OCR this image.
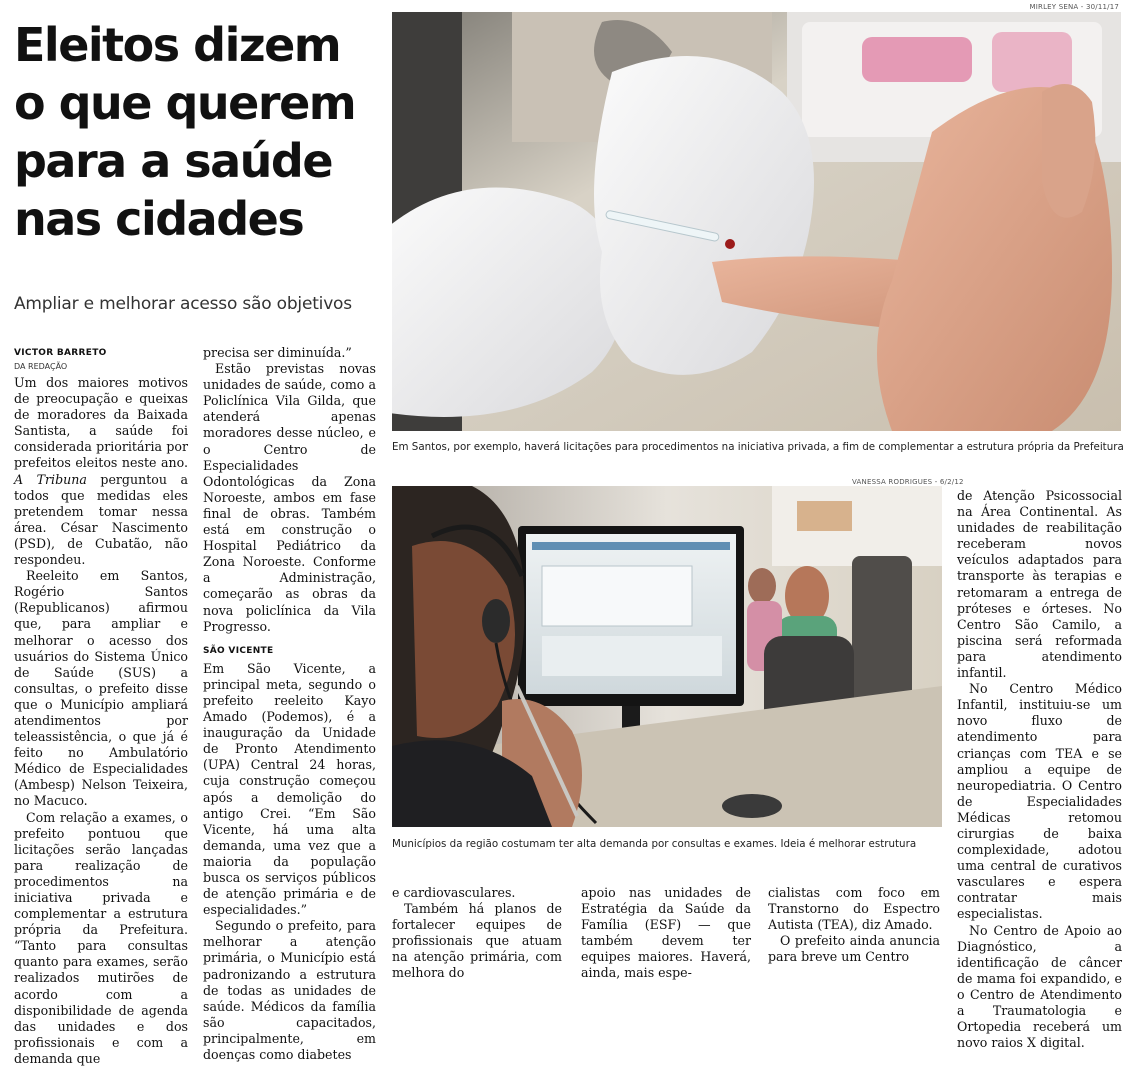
Eleitos dizem
o que querem
para a saúde
nas cidades
Ampliar e melhorar acesso são objetivos
VICTOR BARRETO
DA REDAÇÃO

Um dos maiores motivos de preocupação e queixas de moradores da Baixada Santista, a saúde foi considerada prioritária por prefeitos eleitos neste ano. A Tribuna perguntou a todos que medidas eles pretendem tomar nessa área. César Nascimento (PSD), de Cubatão, não respondeu.

Reeleito em Santos, Rogério Santos (Republicanos) afirmou que, para ampliar e melhorar o acesso dos usuários do Sistema Único de Saúde (SUS) a consultas, o prefeito disse que o Município ampliará atendimentos por teleassistência, o que já é feito no Ambulatório Médico de Especialidades (Ambesp) Nelson Teixeira, no Macuco.

Com relação a exames, o prefeito pontuou que licitações serão lançadas para realização de procedimentos na iniciativa privada e complementar a estrutura própria da Prefeitura. “Tanto para consultas quanto para exames, serão realizados mutirões de acordo com a disponibilidade de agenda das unidades e dos profissionais e com a demanda que

precisa ser diminuída.”

Estão previstas novas unidades de saúde, como a Policlínica Vila Gilda, que atenderá apenas moradores desse núcleo, e o Centro de Especialidades Odontológicas da Zona Noroeste, ambos em fase final de obras. Também está em construção o Hospital Pediátrico da Zona Noroeste. Conforme a Administração, começarão as obras da nova policlínica da Vila Progresso.

SÃO VICENTE

Em São Vicente, a principal meta, segundo o prefeito reeleito Kayo Amado (Podemos), é a inauguração da Unidade de Pronto Atendimento (UPA) Central 24 horas, cuja construção começou após a demolição do antigo Crei. “Em São Vicente, há uma alta demanda, uma vez que a maioria da população busca os serviços públicos de atenção primária e de especialidades.”

Segundo o prefeito, para melhorar a atenção primária, o Município está padronizando a estrutura de todas as unidades de saúde. Médicos da família são capacitados, principalmente, em doenças como diabetes

MIRLEY SENA - 30/11/17
Em Santos, por exemplo, haverá licitações para procedimentos na iniciativa privada, a fim de complementar a estrutura própria da Prefeitura
VANESSA RODRIGUES - 6/2/12
Municípios da região costumam ter alta demanda por consultas e exames. Ideia é melhorar estrutura

e cardiovasculares.

Também há planos de fortalecer equipes de profissionais que atuam na atenção primária, com melhora do

apoio nas unidades de Estratégia da Saúde da Família (ESF) — que também devem ter equipes maiores. Haverá, ainda, mais espe-

cialistas com foco em Transtorno do Espectro Autista (TEA), diz Amado.

O prefeito ainda anuncia para breve um Centro

de Atenção Psicossocial na Área Continental. As unidades de reabilitação receberam novos veículos adaptados para transporte às terapias e retomaram a entrega de próteses e órteses. No Centro São Camilo, a piscina será reformada para atendimento infantil.

No Centro Médico Infantil, instituiu-se um novo fluxo de atendimento para crianças com TEA e se ampliou a equipe de neuropediatria. O Centro de Especialidades Médicas retomou cirurgias de baixa complexidade, adotou uma central de curativos vasculares e espera contratar mais especialistas.

No Centro de Apoio ao Diagnóstico, a identificação de câncer de mama foi expandido, e o Centro de Atendimento a Traumatologia e Ortopedia receberá um novo raios X digital.
